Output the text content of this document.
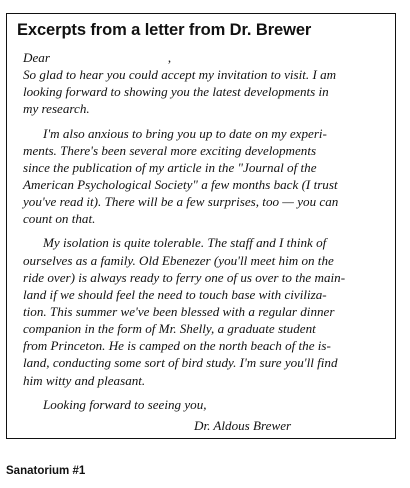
Excerpts from a letter from Dr. Brewer
Dear	,
So glad to hear you could accept my invitation to visit. I am
looking forward to showing you the latest developments in
my research.
I'm also anxious to bring you up to date on my experi-
ments. There's been several more exciting developments
since the publication of my article in the "Journal of the
American Psychological Society" a few months back (I trust
you've read it). There will be a few surprises, too — you can
count on that.
My isolation is quite tolerable. The staff and I think of
ourselves as a family. Old Ebenezer (you'll meet him on the
ride over) is always ready to ferry one of us over to the main-
land if we should feel the need to touch base with civiliza-
tion. This summer we've been blessed with a regular dinner
companion in the form of Mr. Shelly, a graduate student
from Princeton. He is camped on the north beach of the is-
land, conducting some sort of bird study. I'm sure you'll find
him witty and pleasant.
Looking forward to seeing you,
Dr. Aldous Brewer

Sanatorium #1
